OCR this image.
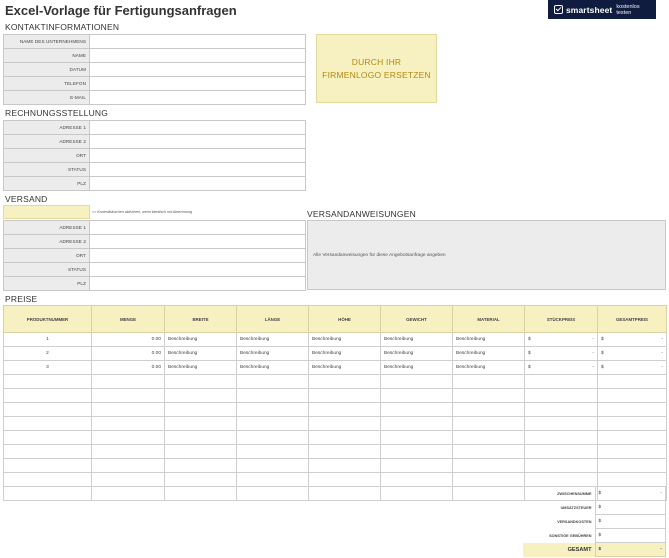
Excel-Vorlage für Fertigungsanfragen	smartsheet kostenlos testen
KONTAKTINFORMATIONEN
NAME DES UNTERNEHMENS	
NAME	
DATUM	
TELEFON	
E-MAIL	
DURCH IHR
FIRMENLOGO ERSETZEN
RECHNUNGSSTELLUNG
ADRESSE 1	
ADRESSE 2	
ORT	
STATUS	
PLZ	
VERSAND
<< Kontrollkästchen aktivieren, wenn identisch mit Abrechnung
ADRESSE 1	
ADRESSE 2	
ORT	
STATUS	
PLZ	
VERSANDANWEISUNGEN
Alle Versandanweisungen für diese Angebotsanfrage angeben
PREISE
PRODUKTNUMMER	MENGE	BREITE	LÄNGE	HÖHE	GEWICHT	MATERIAL	STÜCKPREIS	GESAMTPREIS
1	0.00	Beschreibung	Beschreibung	Beschreibung	Beschreibung	Beschreibung	$ -	$ -

2	0.00	Beschreibung	Beschreibung	Beschreibung	Beschreibung	Beschreibung	$ -	$ -

3	0.00	Beschreibung	Beschreibung	Beschreibung	Beschreibung	Beschreibung	$ -	$ -

ZWISCHENSUMME	$ -

UMSATZSTEUER	$

VERSANDKOSTEN	$

SONSTIGE GEBÜHREN	$

GESAMT	$ -
